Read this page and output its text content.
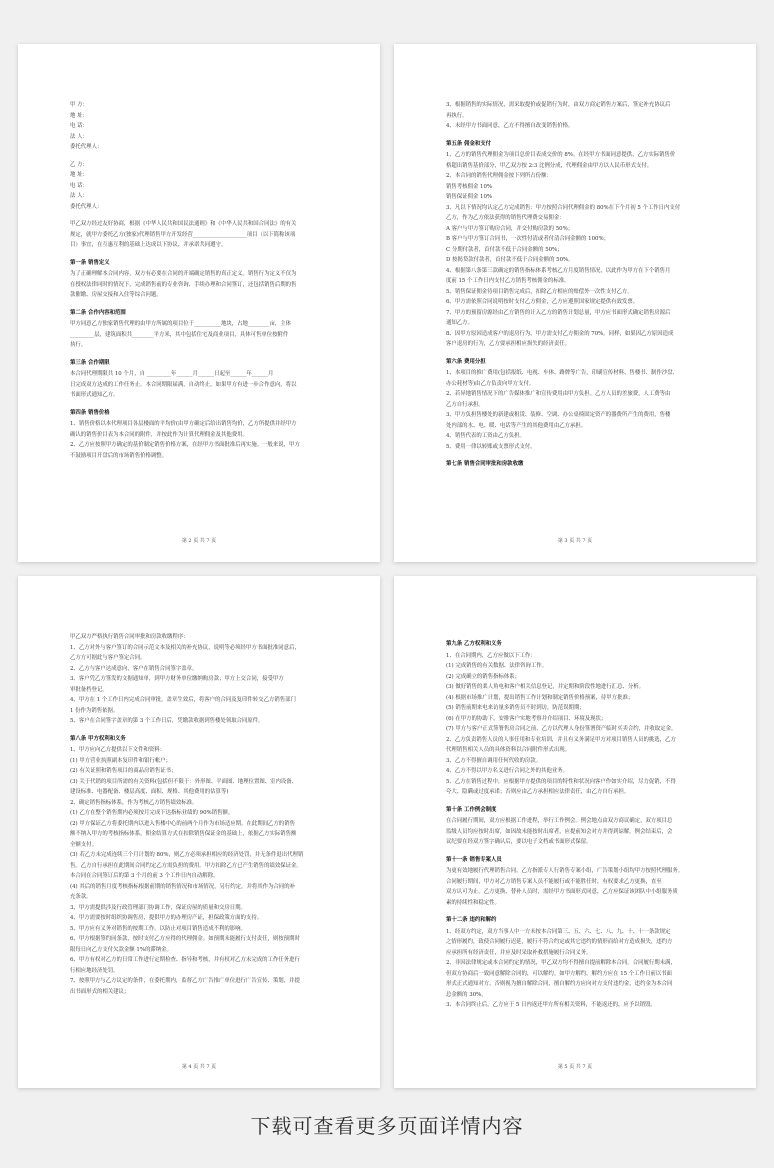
甲 方：
地 址：
电 话：
法 人：
委托代理人：
乙 方：
地 址：
电 话：
法 人：
委托代理人：
甲乙双方经过友好协商，根据《中华人民共和国民法通则》和《中华人民共和国合同法》的有关
规定，就甲方委托乙方(独家)代理销售甲方开发经营____________________项目（以下简称该项
目）事宜，在互惠互利的基础上达成以下协议，并承诺共同遵守。
第一条 销售定义
为了正确理解本合同内容，双方有必要在合同的开端确定销售的真正定义。销售行为定义不仅为
在授权法律同时的情况下，完成销售前的专业咨询、手续办理和合同签订，还包括销售后期的售
款催缴、房屋交接和入住等综合问题。
第二条 合作内容和范围
甲方同意乙方独家销售代理的由甲方所属的项目位于__________地块，占地________亩，主体
_________层，建筑面积共________平方米，其中包括住宅及商业项目，具体可售单位按附件
执行。
第三条 合作期限
本合同代理期限共 10 个月，自 _________年______月______日起至______年______月
日完成双方达成的工作任务止。本合同期限届满，自动终止，如果甲方有进一步合作意向，将以
书面形式通知乙方。
第四条 销售价格
1、销售价格以本代理项目各层楼面的平均价(由甲方确定后给出销售均价，乙方所提供并经甲方
确认的销售价目表为本合同的附件，并按此作为计算代理佣金及其他费用。
2、乙方应按照甲方确定的基价制定销售价格方案，在经甲方书面批准后再实施。一般来说，甲方
不鼓励项目开盘后的市场销售价格调整。
第 2 页 共 7 页
3、根据销售的实际情况，需采取提价或促销行为时，由双方商定销售方案后，签定补充协议后
再执行。
4、未经甲方书面同意，乙方不得擅自改变销售价格。
第五条 佣金和支付
1、乙方的销售代理佣金为项目总价目表成交价的 8%。在经甲方书面同意提供，乙方实际销售价
格超出销售基价部分，甲乙双方按 2:3 比例分成，代理佣金由甲方以人民币形式支付。
2、本合同的销售代理佣金按下列所占份额：
销售考核佣金 10%
销售保证佣金 10%
3、凡以下情况均认定乙方完成销售：甲方按照合同代理佣金的 80%在下个月初 5 个工作日内支付
乙方，作为乙方依法获得的销售代理费交易佣金：
A 客户与甲方签订购房合同，并交付购房款的 50%；
B 客户与甲方签订合同书，一次性付清或者付清合同金额的 100%；
C 分期付款者，首付款不低于合同金额的 50%；
D 按揭贷款付款者，首付款不低于合同金额的 50%。
4、根据第八条第三款确定的销售指标体系考核乙方月度销售情况，以此作为甲方在下个销售月
度前 15 个工作日内支付乙方销售考核佣金的标准。
5、销售保证佣金待项目销售完成后，扣除乙方相应的赔偿外一次性支付乙方。
6、甲方需依照合同说明按时支付乙方佣金，乙方应遵照国家规定提供有效发票。
7、甲方的预留房源经由乙方销售的计入乙方的销售计划总量，甲方应书面形式确定销售房源后
通知乙方。
8、因甲方原因造成客户的退房行为，甲方需支付乙方佣金的 70%。同样，如果因乙方原因造成
客户退房的行为，乙方要承担相应损失的经济责任。
第六条 费用分担
1、本项目的推广费用(包括报纸、电视、车体、路牌等广告，印刷宣传材料、售楼书、制作沙盘、
办公耗材等)由乙方负责向甲方支付。
2、若异地销售情况下的广告媒体推广和宣传费用由甲方负担。乙方人员的差旅费，人工费等由
乙方自行承担。
3、甲方负担售楼处的新建或租赁、装修、空调、办公桌椅固定资产的器费所产生的费用，售楼
处内部的水、电、暖、电话等产生的其他费用由乙方承担。
4、销售代表的工资由乙方负担。
5、费用一律以转账或支票形式支付。
第七条 销售合同审批和房款收缴
第 3 页 共 7 页
甲乙双方严格执行销售合同审批和房款收缴程序：
1、乙方对外与客户签订的合同示范文本及相关的补充协议，说明等必须经甲方书面批准同意后，
乙方方可据此与客户签定合同。
2、乙方与客户达成意向，客户在销售合同签字盖章。
3、客户凭乙方签发的文据通知单，到甲方财务单位缴纳购房款；甲方上交合同，接受甲方
审批备档登记。
4、甲方在 1 个工作日内完成合同审批，盖章生效后，将客户的合同及复印件转交乙方销售部门
1 份作为销售依据。
5、客户在合同签字盖章的第 3 个工作日后，凭缴款收据到售楼处领取合同原件。
第八条 甲方权利和义务
1、甲方应向乙方提供以下文件和资料：
(1) 甲方营业执照副本复印件和银行帐户；
(2) 有关证照和销售项目的商品房销售证书；
(3) 关于代销的项目所需的有关资料(包括但不限于：外形图、平面图、地理位置图、室内设备、
建设标准、电器配备、楼层高度、面积、规格、其他费用的估算等)
2、确定销售指标体系，作为考核乙方销售绩效标准。
(1) 乙方在整个销售期内必须按月完成下达指标业绩的 90%销售额。
(2) 甲方保证乙方将委托期内以进入售楼中心的前两个月作为市场适应期。在此期间乙方的销售
额不纳入甲方的考核指标体系，佣金结算方式在扣除销售保证金的基础上，依据乙方实际销售额
全额支付。
(3) 若乙方未完成连续三个月计划的 80%，则乙方必须承担相应的经济处罚，并无条件退出代理销
售。乙方自行承担在此期间合同约定乙方需负担的费用。甲方扣除乙方已产生销售的绩效保证金。
本合同在合同签订后的第 3 个月的前 3 个工作日内自动解除。
(4) 其后的销售月度考核指标根据前期的销售情况和市场情况，另行约定，并将其作为合同的补
充条款。
3、甲方需提供涉及行政管理部门协调工作，保证房屋的质量和交房日期。
4、甲方需要按时组织协调售房，提供甲方的办理房产证，担保政策方面的支持。
5、甲方应有义务对销售的按期工作。以防止对项目销售造成不利的影响。
6、甲方根据签约同条款，按时支付乙方应得的代理佣金。如预期未能履行支付责任，则按预期时
限每日向乙方支付欠款金额 1%的滞纳金。
6、甲方有权对乙方的日常工作进行定期检查、指导和考核，并有权对乙方未完成的工作任务进行
行相应地经济处罚。
7、按照甲方与乙方议定的条件，在委托期内，监督乙方广告推广单位进行广告宣传、策划，并提
出书面形式的相关建议；
第 4 页 共 7 页
第九条 乙方权利和义务
1、在合同期内，乙方应做以下工作：
(1) 完成销售的有关数据、法律咨询工作。
(2) 完成确立的销售指标体系；
(3) 做好销售的柔人角电和客户相关信息登记，并定期和阶段性地进行汇总、分析。
(4) 根据市场推广计划，提出销售工作计划和制定销售价格预案，待甲方批准；
(5) 销售前期来电来访量多销售员不时到访，防范误期期；
(6) 在甲方的协助下，安排客户实地考察并介绍项目、环境及现状；
(7) 甲方与客户正式签署售房合同之前，乙方以代理人身份签署资产临时买卖合约，并收取定金。
2、乙方负责销售人员的人事任用和专业培训，并且有义务满足甲方对项目销售人员的挑选，乙方
代理销售相关人员的具体资料以合同附件形式出现。
3、乙方不得擅自调用任何代收的房款。
4、乙方不得以甲方名义进行合同之外的其他业务。
5、乙方在销售过程中，应根据甲方提供的项目的特性和状况向客户作如实介绍，尽力促销，不得
夸大、隐瞒或过度承诺；否则应由乙方承担相应法律责任，由乙方自行承担。
第十条 工作例会制度
在合同履行期间，双方应根据工作进程，举行工作例会。例会地点由双方商议确定，双方项目总
监级人员均应按时出席，如因故未能按时出席者，应提前知会对方并得到谅解。例会结束后，会
议纪要在经双方签字确认后，要以电子文档或书面形式保留。
第十一条 销售专案人员
为更有效地履行代理销售合同，乙方指派专人行销售专案小组，广告策划小组均甲方按照代理服务。
合同履行期间，甲方对乙方销售专案人员不能履行或不能胜任时，有权要求乙方更换，直至
双方认可为止。乙方更换、替补人员时，需经甲方书面形式同意，乙方应保证该团队中小组服务质
素的持续性和稳定性。
第十二条 违约和解约
1、经双方约定，双方当事人中一方未按本合同第三、五、六、七、八、九、十、十一条款规定
之情形履约，致使合同履行迟延，履行不符合约定或其它违约的情形而给对方造成损失，违约方
应承担所有经济责任，并应及时采取补救措施履行合同义务。
2、非因法律规定或本合同约定的情况，甲乙双方均不得擅自提前解除本合同。合同履行期未满，
但双方协商后一致同意解除合同的，可以解约。如甲方解约，解约方应在 15 个工作日前以书面
形式正式通知对方，否则视为擅自解除合同，擅自解约方应向对方支付违约金，违约金为本合同
总金额的 30%。
3、本合同终止后，乙方应于 5 日内返还甲方所有相关资料，不能返还的，应予以销毁。
第 5 页 共 7 页
下载可查看更多页面详情内容
